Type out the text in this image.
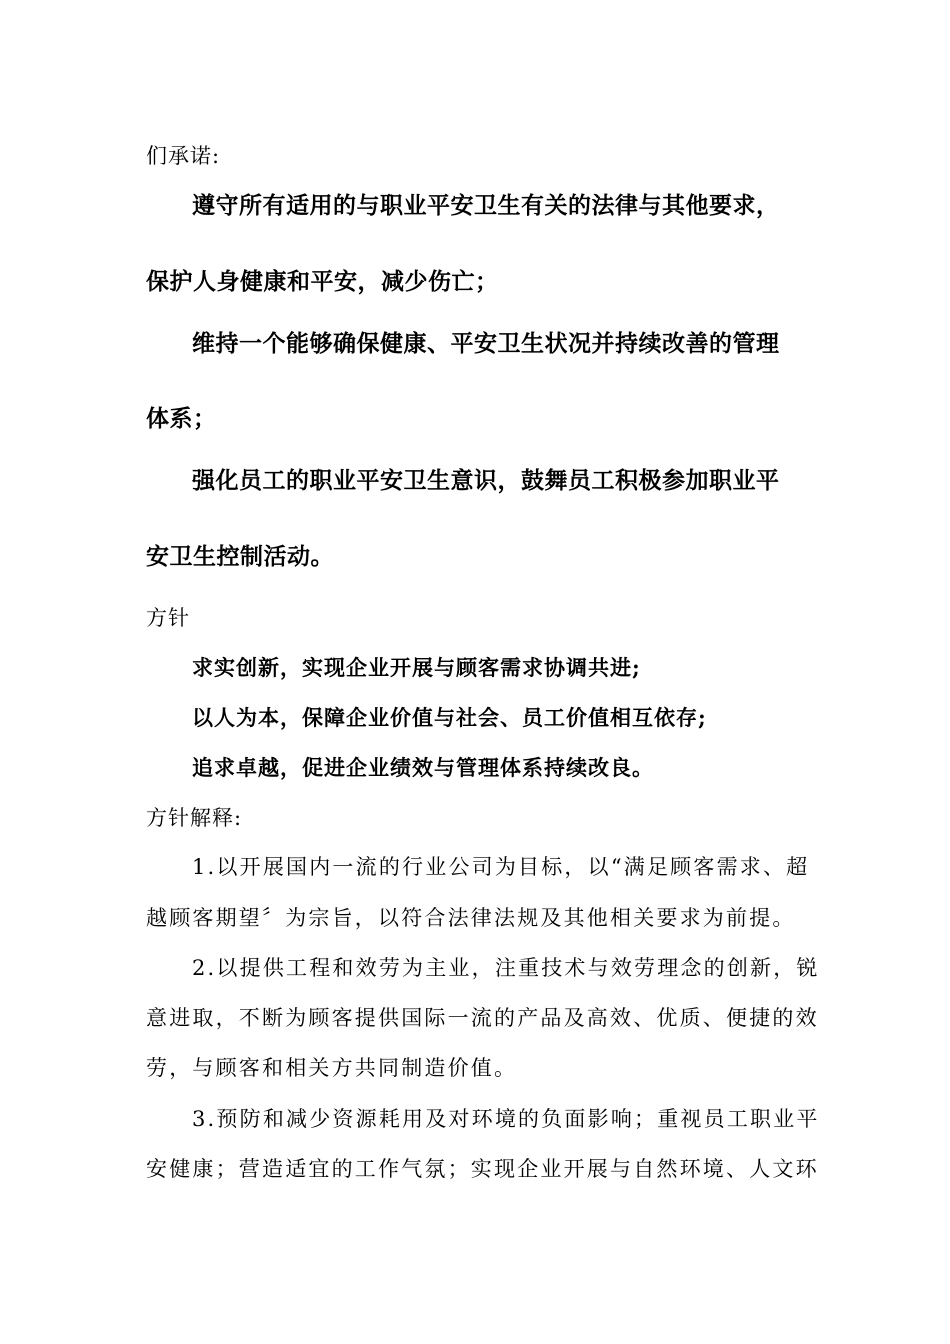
们承诺:

遵守所有适用的与职业平安卫生有关的法律与其他要求，

保护人身健康和平安，减少伤亡；

维持一个能够确保健康、平安卫生状况并持续改善的管理

体系；

强化员工的职业平安卫生意识，鼓舞员工积极参加职业平

安卫生控制活动。

方针

求实创新，实现企业开展与顾客需求协调共进;

以人为本，保障企业价值与社会、员工价值相互依存;

追求卓越，促进企业绩效与管理体系持续改良。

方针解释:

1.以开展国内一流的行业公司为目标，以“满足顾客需求、超

越顾客期望〞为宗旨，以符合法律法规及其他相关要求为前提。

2.以提供工程和效劳为主业，注重技术与效劳理念的创新，锐

意进取，不断为顾客提供国际一流的产品及高效、优质、便捷的效

劳，与顾客和相关方共同制造价值。

3.预防和减少资源耗用及对环境的负面影响；重视员工职业平

安健康；营造适宜的工作气氛；实现企业开展与自然环境、人文环
